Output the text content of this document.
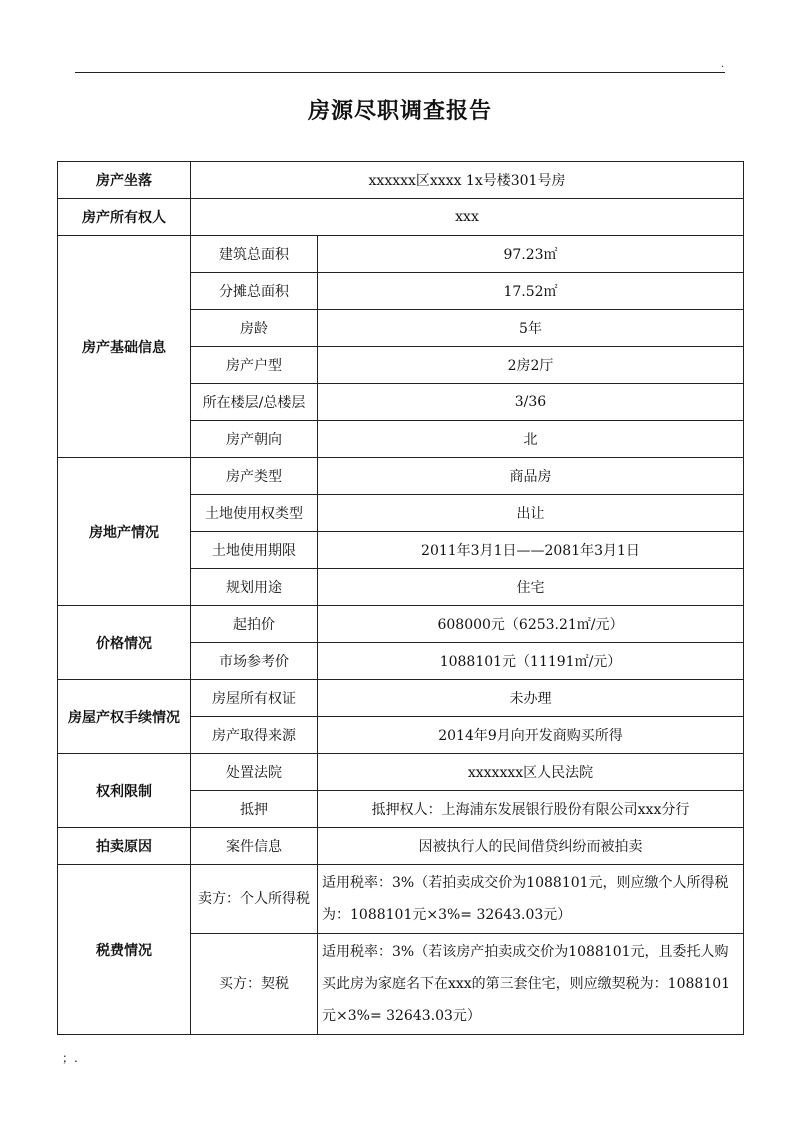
.
房源尽职调查报告
房产坐落	xxxxxx区xxxx 1x号楼301号房	
房产所有权人	xxx	
房产基础信息	建筑总面积	97.23㎡
	分摊总面积	17.52㎡
	房龄	5年
	房产户型	2房2厅
	所在楼层/总楼层	3/36
	房产朝向	北
房地产情况	房产类型	商品房
	土地使用权类型	出让
	土地使用期限	2011年3月1日——2081年3月1日
	规划用途	住宅
价格情况	起拍价	608000元（6253.21㎡/元）
	市场参考价	1088101元（11191㎡/元）
房屋产权手续情况	房屋所有权证	未办理
	房产取得来源	2014年9月向开发商购买所得
权利限制	处置法院	xxxxxxx区人民法院
	抵押	抵押权人：上海浦东发展银行股份有限公司xxx分行
拍卖原因	案件信息	因被执行人的民间借贷纠纷而被拍卖
税费情况	卖方：个人所得税	适用税率：3%（若拍卖成交价为1088101元，则应缴个人所得税为：1088101元×3%= 32643.03元）
	买方：契税	适用税率：3%（若该房产拍卖成交价为1088101元，且委托人购买此房为家庭名下在xxx的第三套住宅，则应缴契税为：1088101元×3%= 32643.03元）
；.
